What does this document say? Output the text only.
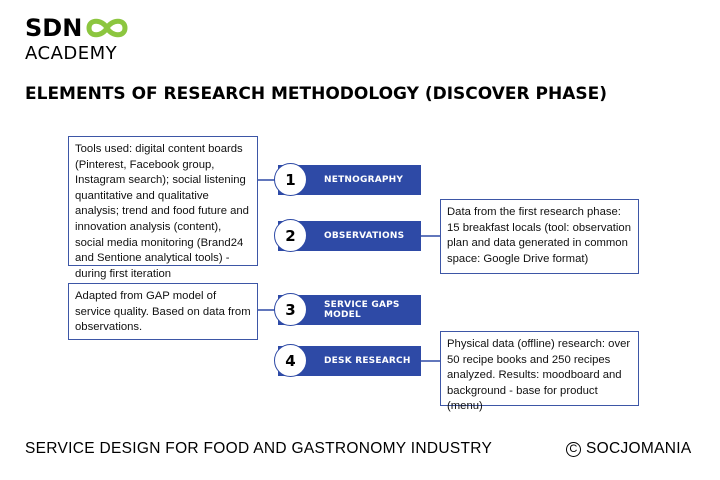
SDN
ACADEMY
ELEMENTS OF RESEARCH METHODOLOGY (DISCOVER PHASE)
Tools used: digital content boards (Pinterest, Facebook group, Instagram search); social listening quantitative and qualitative analysis; trend and food future and innovation analysis (content), social media monitoring (Brand24 and Sentione analytical tools) - during first iteration
Data from the first research phase: 15 breakfast locals (tool: observation plan and data generated in common space: Google Drive format)
Adapted from GAP model of service quality. Based on data from observations.
Physical data (offline) research: over 50 recipe books and 250 recipes analyzed. Results: moodboard and background - base for product (menu)
NETNOGRAPHY
OBSERVATIONS
SERVICE GAPS MODEL
DESK RESEARCH
1
2
3
4
SERVICE DESIGN FOR FOOD AND GASTRONOMY INDUSTRY	C SOCJOMANIA
